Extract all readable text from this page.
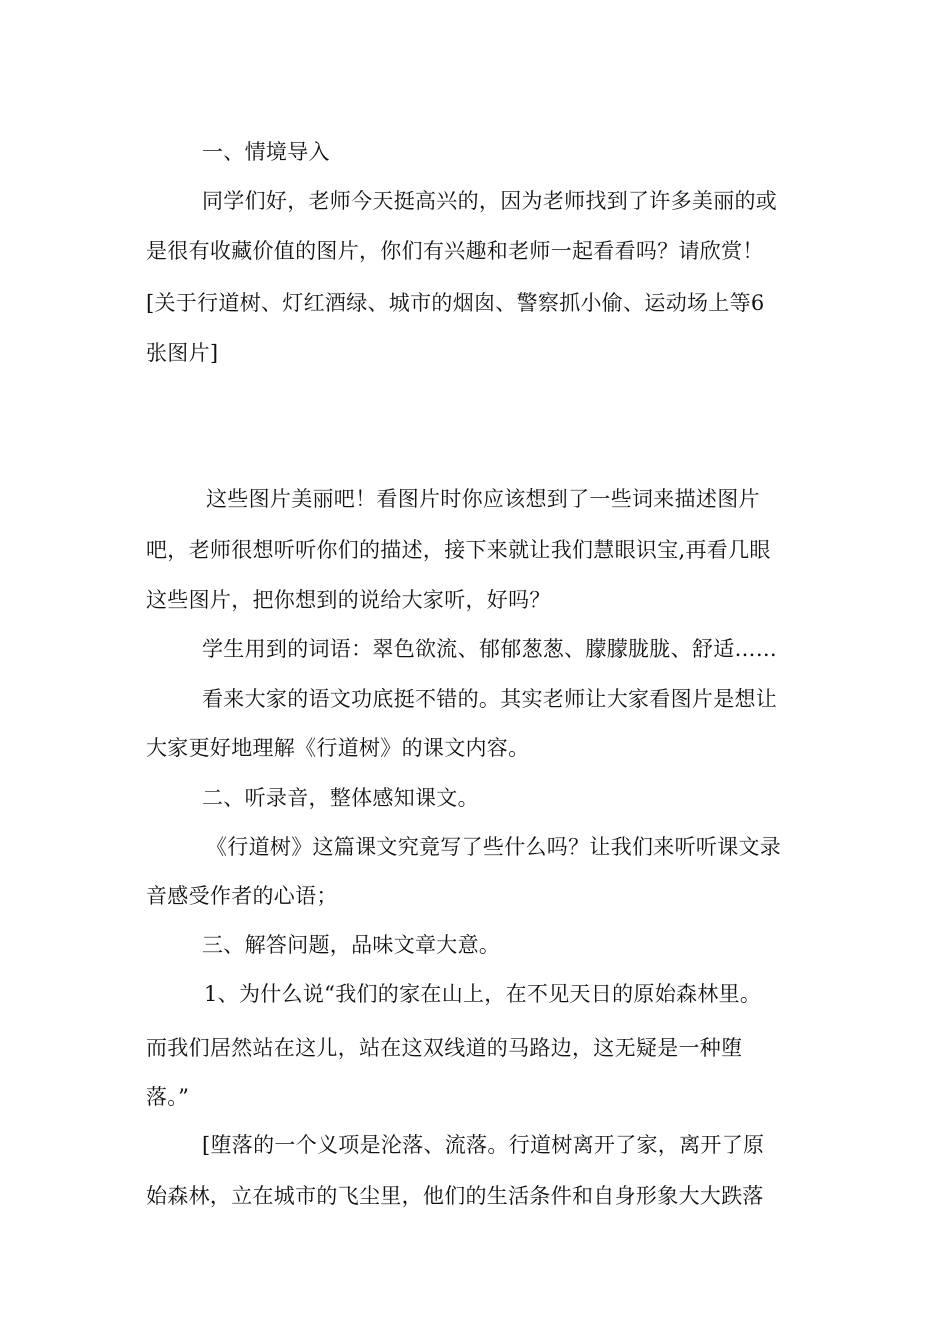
一、情境导入
同学们好，老师今天挺高兴的，因为老师找到了许多美丽的或
是很有收藏价值的图片，你们有兴趣和老师一起看看吗？请欣赏！
[关于行道树、灯红酒绿、城市的烟囱、警察抓小偷、运动场上等6
张图片]
这些图片美丽吧！看图片时你应该想到了一些词来描述图片
吧，老师很想听听你们的描述，接下来就让我们慧眼识宝,再看几眼
这些图片，把你想到的说给大家听，好吗？
学生用到的词语：翠色欲流、郁郁葱葱、朦朦胧胧、舒适……
看来大家的语文功底挺不错的。其实老师让大家看图片是想让
大家更好地理解《行道树》的课文内容。
二、听录音，整体感知课文。
《行道树》这篇课文究竟写了些什么吗？让我们来听听课文录
音感受作者的心语；
三、解答问题，品味文章大意。
1、为什么说“我们的家在山上，在不见天日的原始森林里。
而我们居然站在这儿，站在这双线道的马路边，这无疑是一种堕
落。”
[堕落的一个义项是沦落、流落。行道树离开了家，离开了原
始森林，立在城市的飞尘里，他们的生活条件和自身形象大大跌落
